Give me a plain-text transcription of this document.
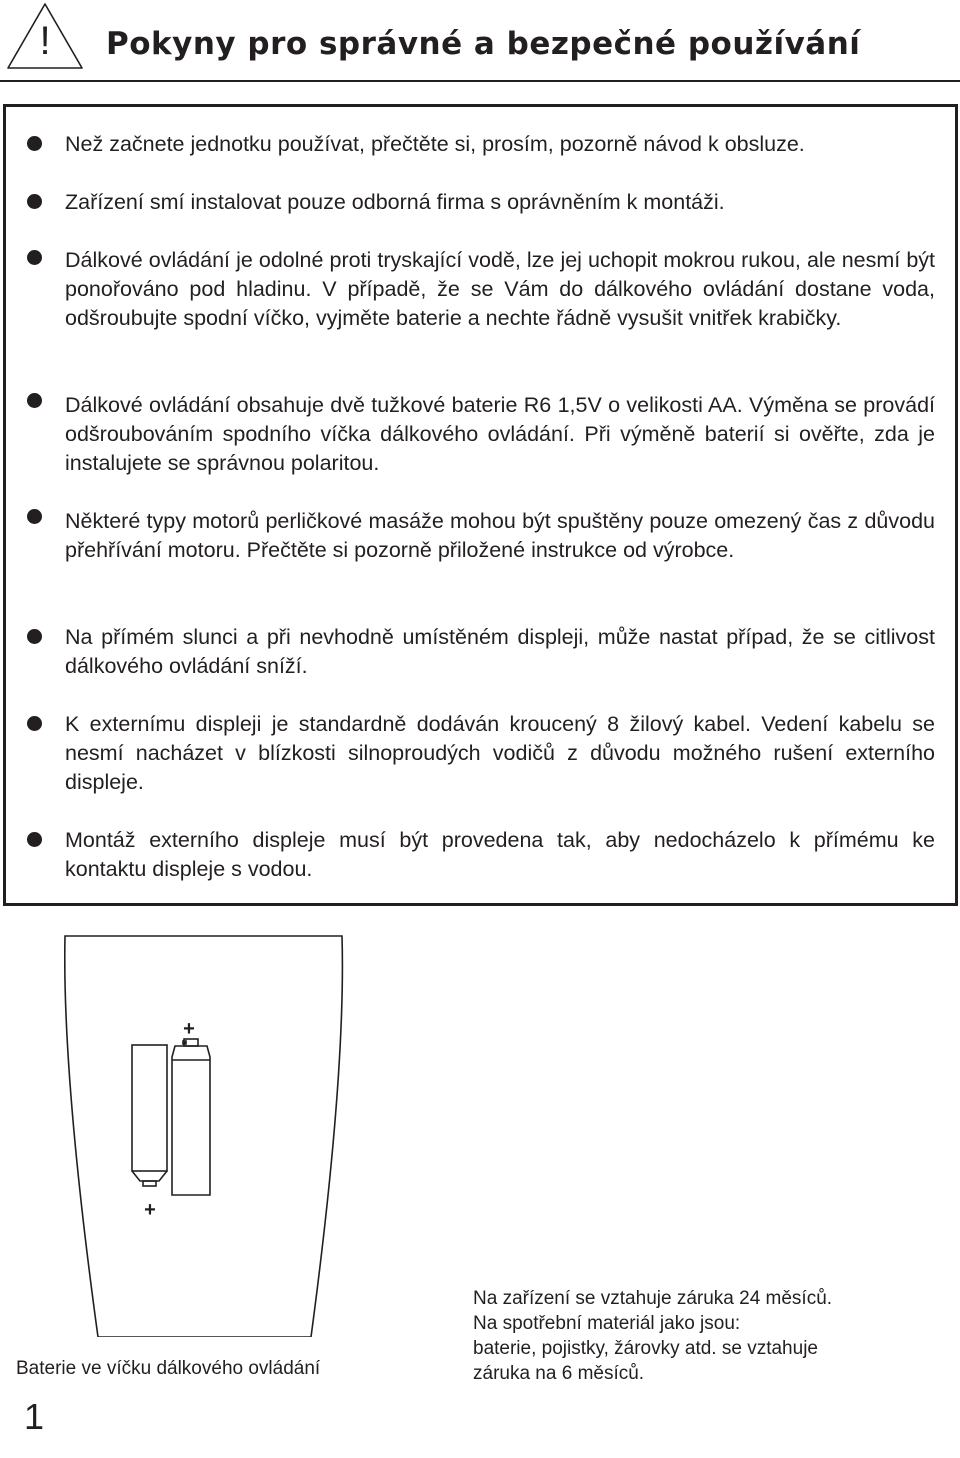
! Pokyny pro správné a bezpečné používání

Než začnete jednotku používat, přečtěte si, prosím, pozorně návod k obsluze.

Zařízení smí instalovat pouze odborná firma s oprávněním k montáži.

Dálkové ovládání je odolné proti tryskající vodě, lze jej uchopit mokrou rukou, ale nesmí být ponořováno pod hladinu. V případě, že se Vám do dálkového ovládání dostane voda, odšroubujte spodní víčko, vyjměte baterie a nechte řádně vysušit vnitřek krabičky.

Dálkové ovládání obsahuje dvě tužkové baterie R6 1,5V o velikosti AA. Výměna se provádí odšroubováním spodního víčka dálkového ovládání. Při výměně baterií si ověřte, zda je instalujete se správnou polaritou.

Některé typy motorů perličkové masáže mohou být spuštěny pouze omezený čas z důvodu přehřívání motoru. Přečtěte si pozorně přiložené instrukce od výrobce.

Na přímém slunci a při nevhodně umístěném displeji, může nastat případ, že se citlivost dálkového ovládání sníží.

K externímu displeji je standardně dodáván kroucený 8 žilový kabel. Vedení kabelu se nesmí nacházet v blízkosti silnoproudých vodičů z důvodu možného rušení externího displeje.

Montáž externího displeje musí být provedena tak, aby nedocházelo k přímému ke kontaktu displeje s vodou.

+
+

Baterie ve víčku dálkového ovládání

Na zařízení se vztahuje záruka 24 měsíců.
Na spotřební materiál jako jsou:
baterie, pojistky, žárovky atd. se vztahuje
záruka na 6 měsíců.

1
